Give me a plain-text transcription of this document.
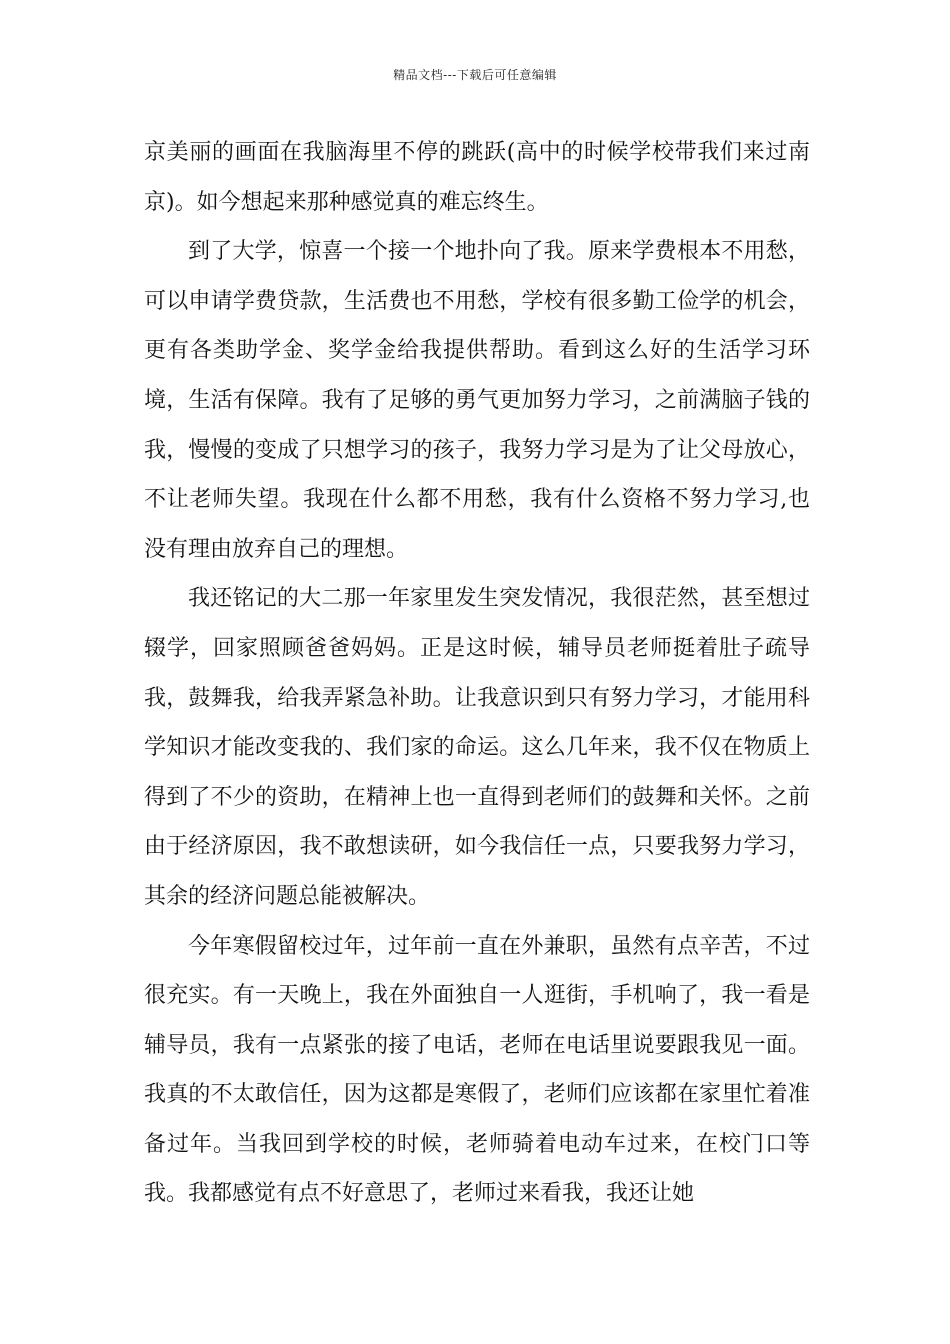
精品文档---下载后可任意编辑

京美丽的画面在我脑海里不停的跳跃(高中的时候学校带我们来过南京)。如今想起来那种感觉真的难忘终生。

到了大学，惊喜一个接一个地扑向了我。原来学费根本不用愁，可以申请学费贷款，生活费也不用愁，学校有很多勤工俭学的机会，更有各类助学金、奖学金给我提供帮助。看到这么好的生活学习环境，生活有保障。我有了足够的勇气更加努力学习，之前满脑子钱的我，慢慢的变成了只想学习的孩子，我努力学习是为了让父母放心，不让老师失望。我现在什么都不用愁，我有什么资格不努力学习,也没有理由放弃自己的理想。

我还铭记的大二那一年家里发生突发情况，我很茫然，甚至想过辍学，回家照顾爸爸妈妈。正是这时候，辅导员老师挺着肚子疏导我，鼓舞我，给我弄紧急补助。让我意识到只有努力学习，才能用科学知识才能改变我的、我们家的命运。这么几年来，我不仅在物质上得到了不少的资助，在精神上也一直得到老师们的鼓舞和关怀。之前由于经济原因，我不敢想读研，如今我信任一点，只要我努力学习，其余的经济问题总能被解决。

今年寒假留校过年，过年前一直在外兼职，虽然有点辛苦，不过很充实。有一天晚上，我在外面独自一人逛街，手机响了，我一看是辅导员，我有一点紧张的接了电话，老师在电话里说要跟我见一面。我真的不太敢信任，因为这都是寒假了，老师们应该都在家里忙着准备过年。当我回到学校的时候，老师骑着电动车过来，在校门口等我。我都感觉有点不好意思了，老师过来看我，我还让她
